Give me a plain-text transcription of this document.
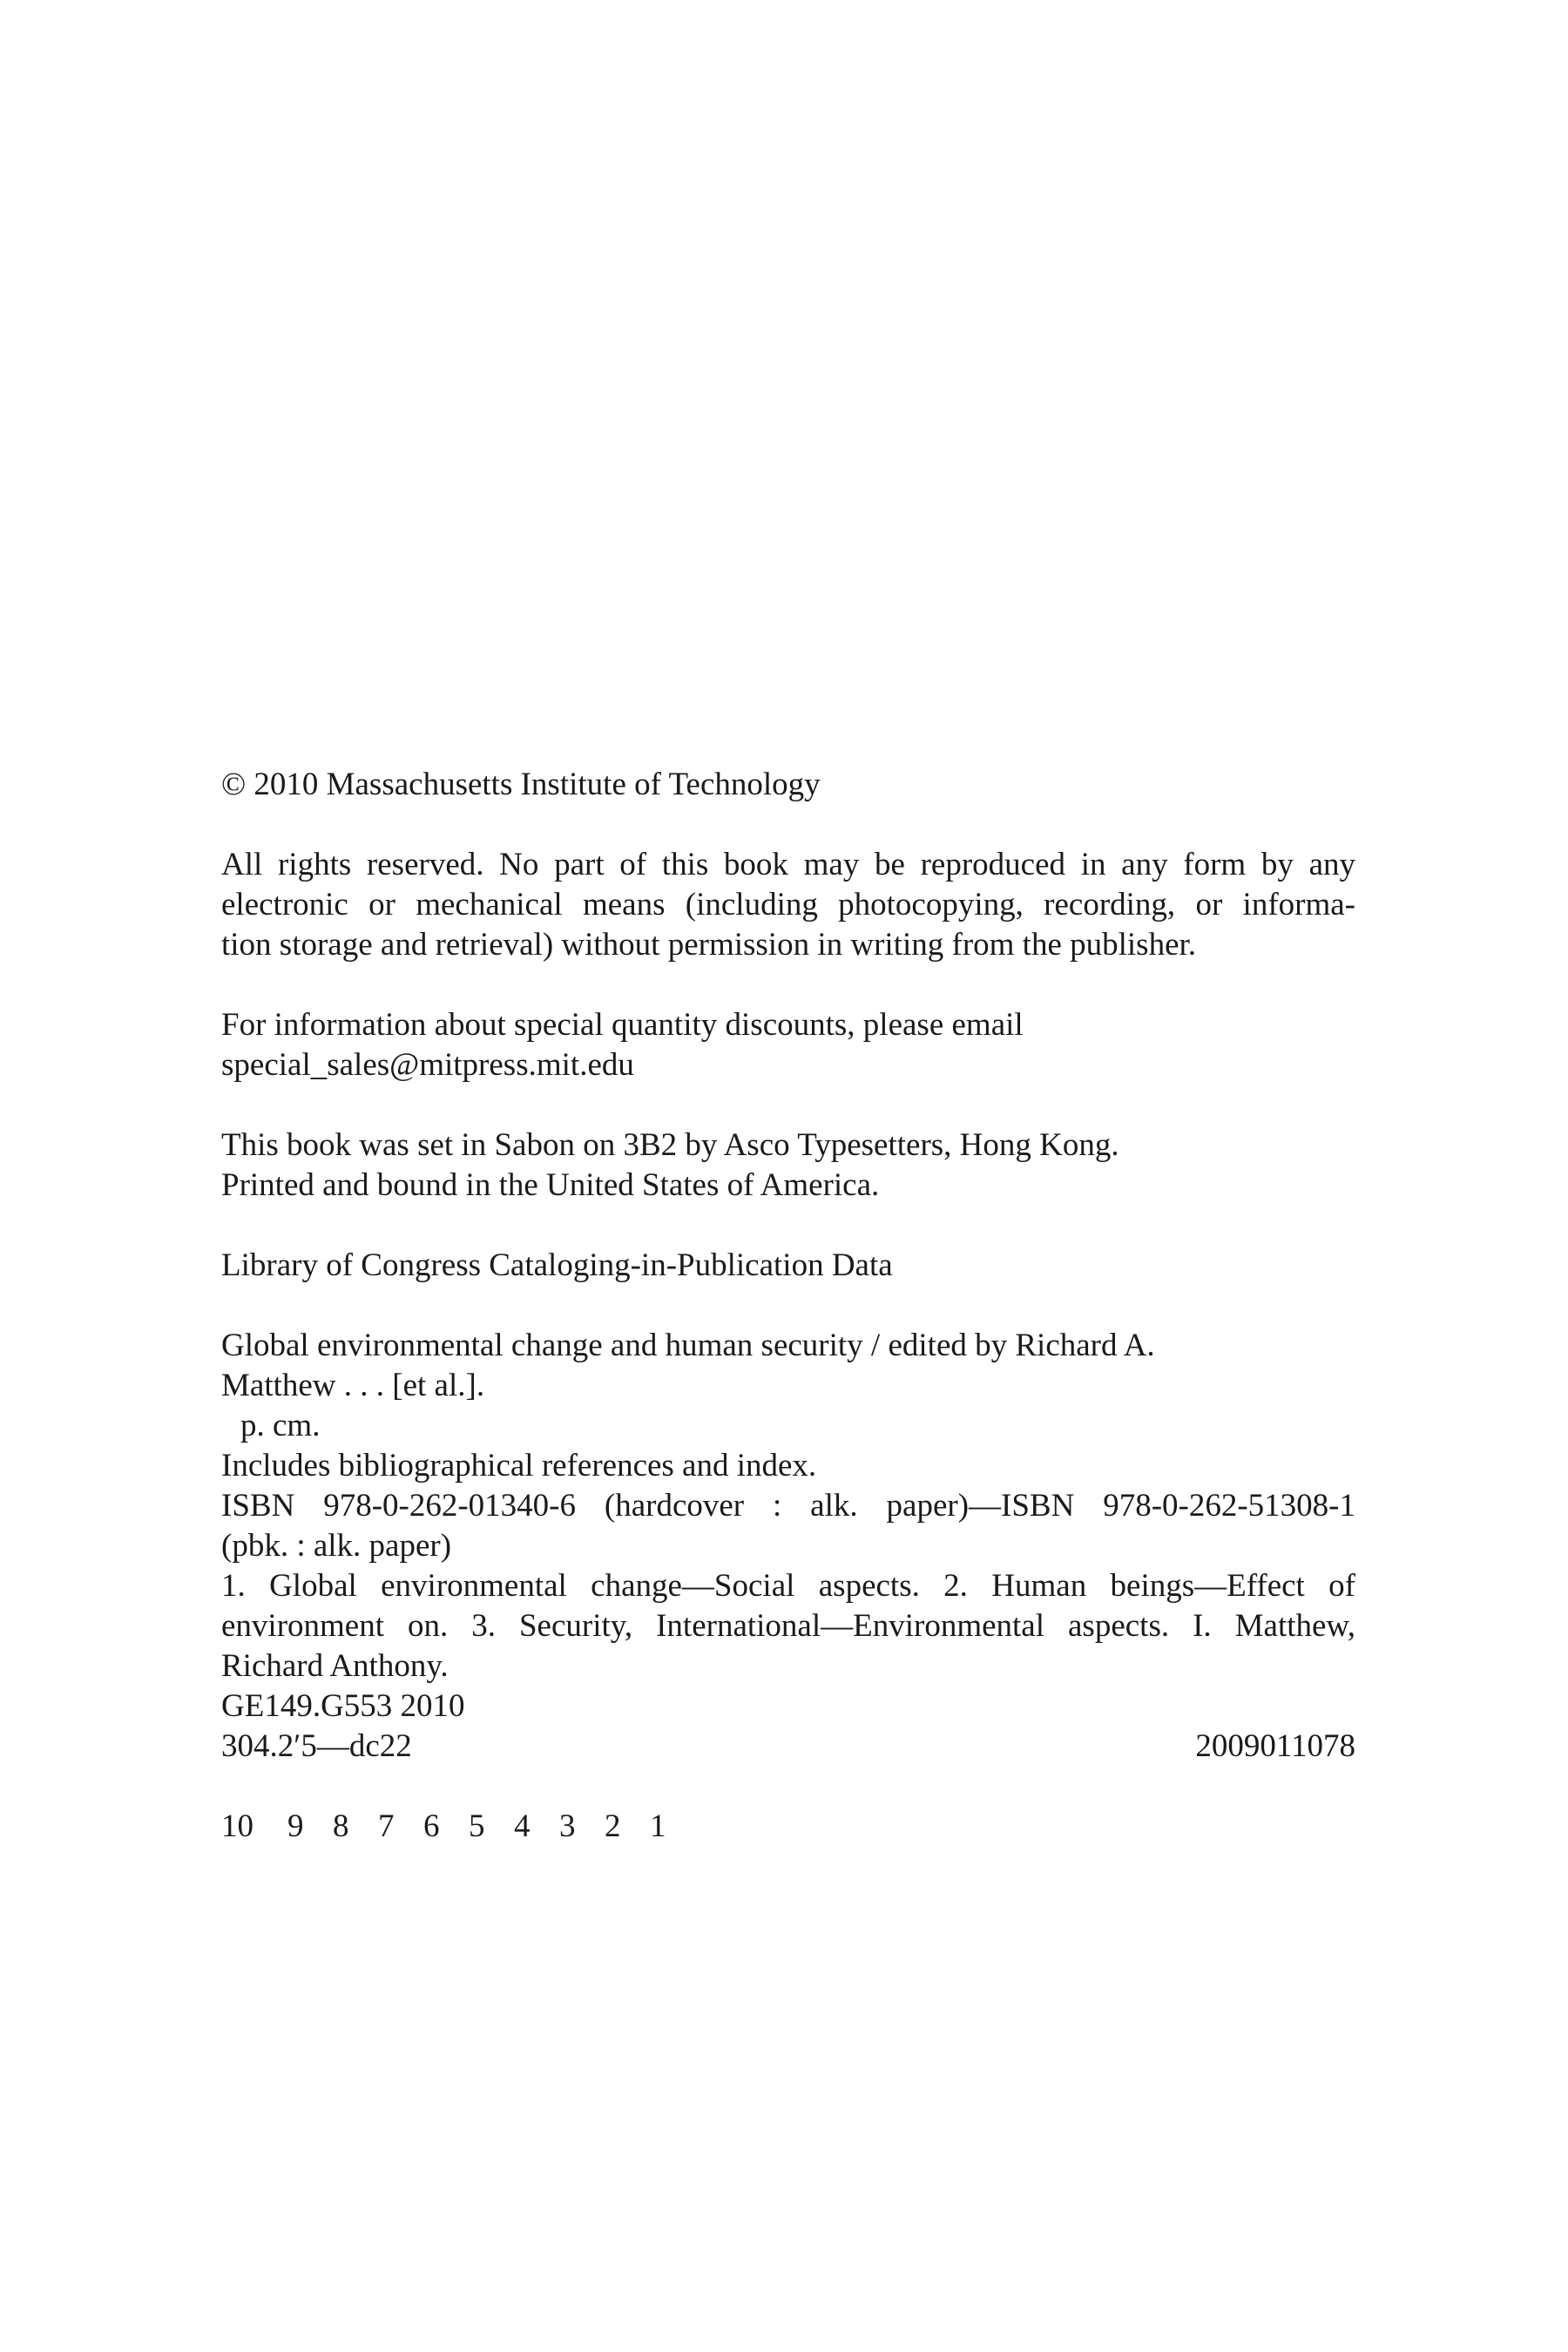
© 2010 Massachusetts Institute of Technology

All rights reserved. No part of this book may be reproduced in any form by any
electronic or mechanical means (including photocopying, recording, or informa-
tion storage and retrieval) without permission in writing from the publisher.
For information about special quantity discounts, please email
special_sales@mitpress.mit.edu
This book was set in Sabon on 3B2 by Asco Typesetters, Hong Kong.
Printed and bound in the United States of America.
Library of Congress Cataloging-in-Publication Data
Global environmental change and human security / edited by Richard A.
Matthew . . . [et al.].
p. cm.
Includes bibliographical references and index.
ISBN 978-0-262-01340-6 (hardcover : alk. paper)—ISBN 978-0-262-51308-1
(pbk. : alk. paper)
1. Global environmental change—Social aspects. 2. Human beings—Effect of
environment on. 3. Security, International—Environmental aspects. I. Matthew,
Richard Anthony.
GE149.G553 2010
304.2′5—dc22	2009011078
10	9 8 7 6 5 4 3 2 1
